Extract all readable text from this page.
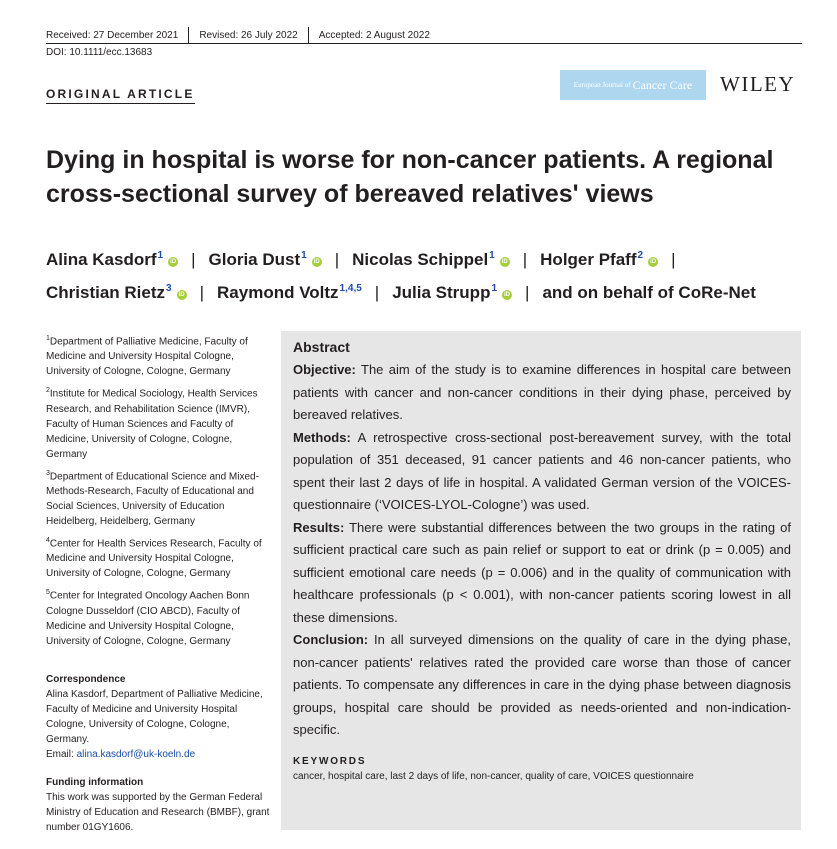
Received: 27 December 2021 Revised: 26 July 2022 Accepted: 2 August 2022
DOI: 10.1111/ecc.13683
ORIGINAL ARTICLE
European Journal of Cancer Care WILEY
Dying in hospital is worse for non-cancer patients. A regional cross-sectional survey of bereaved relatives' views
Alina Kasdorf$^1$iD | Gloria Dust$^1$iD | Nicolas Schippel$^1$iD | Holger Pfaff$^2$iD |
Christian Rietz$^3$iD | Raymond Voltz$^{1,4,5}$ | Julia Strupp$^1$iD | and on behalf of CoRe-Net
$^1$Department of Palliative Medicine, Faculty of Medicine and University Hospital Cologne, University of Cologne, Cologne, Germany
$^2$Institute for Medical Sociology, Health Services Research, and Rehabilitation Science (IMVR), Faculty of Human Sciences and Faculty of Medicine, University of Cologne, Cologne, Germany
$^3$Department of Educational Science and Mixed-Methods-Research, Faculty of Educational and Social Sciences, University of Education Heidelberg, Heidelberg, Germany
$^4$Center for Health Services Research, Faculty of Medicine and University Hospital Cologne, University of Cologne, Cologne, Germany
$^5$Center for Integrated Oncology Aachen Bonn Cologne Dusseldorf (CIO ABCD), Faculty of Medicine and University Hospital Cologne, University of Cologne, Cologne, Germany
Correspondence
Alina Kasdorf, Department of Palliative Medicine, Faculty of Medicine and University Hospital Cologne, University of Cologne, Cologne, Germany.
Email: alina.kasdorf@uk-koeln.de
Funding information
This work was supported by the German Federal Ministry of Education and Research (BMBF), grant number 01GY1606.
Abstract

Objective: The aim of the study is to examine differences in hospital care between patients with cancer and non-cancer conditions in their dying phase, perceived by bereaved relatives.

Methods: A retrospective cross-sectional post-bereavement survey, with the total population of 351 deceased, 91 cancer patients and 46 non-cancer patients, who spent their last 2 days of life in hospital. A validated German version of the VOICES-questionnaire (‘VOICES-LYOL-Cologne’) was used.

Results: There were substantial differences between the two groups in the rating of sufficient practical care such as pain relief or support to eat or drink (p = 0.005) and sufficient emotional care needs (p = 0.006) and in the quality of communication with healthcare professionals (p < 0.001), with non-cancer patients scoring lowest in all these dimensions.

Conclusion: In all surveyed dimensions on the quality of care in the dying phase, non-cancer patients' relatives rated the provided care worse than those of cancer patients. To compensate any differences in care in the dying phase between diagnosis groups, hospital care should be provided as needs-oriented and non-indication-specific.

KEYWORDS
cancer, hospital care, last 2 days of life, non-cancer, quality of care, VOICES questionnaire
